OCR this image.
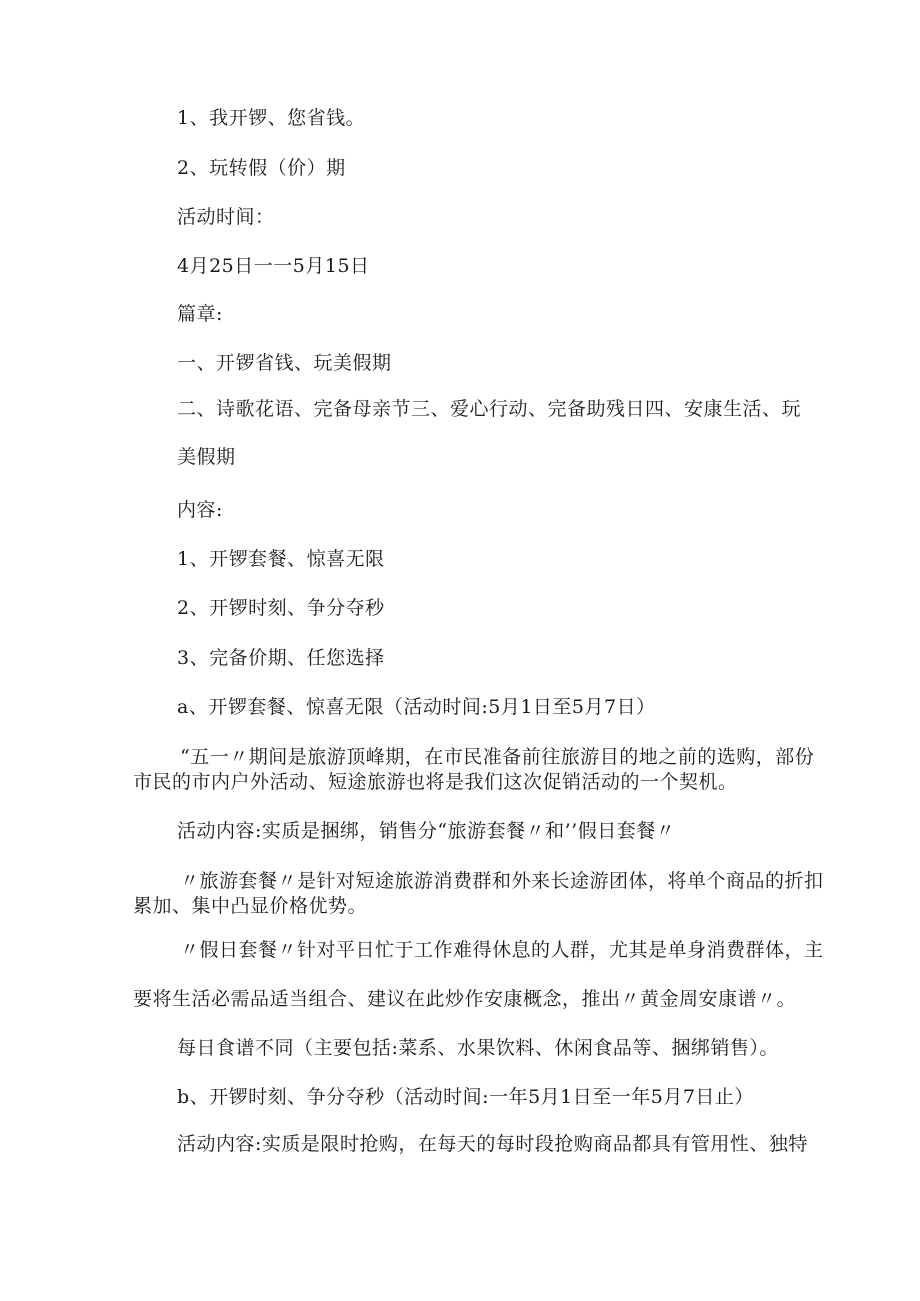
1、我开锣、您省钱。
2、玩转假（价）期
活动时间：
4月25日一一5月15日
篇章:
一、开锣省钱、玩美假期
二、诗歌花语、完备母亲节三、爱心行动、完备助残日四、安康生活、玩
美假期
内容:
1、开锣套餐、惊喜无限
2、开锣时刻、争分夺秒
3、完备价期、任您选择
a、开锣套餐、惊喜无限（活动时间:5月1日至5月7日）
“五一〃期间是旅游顶峰期，在市民准备前往旅游目的地之前的选购，部份
市民的市内户外活动、短途旅游也将是我们这次促销活动的一个契机。
活动内容:实质是捆绑，销售分“旅游套餐〃和’’假日套餐〃
〃旅游套餐〃是针对短途旅游消费群和外来长途游团体，将单个商品的折扣
累加、集中凸显价格优势。
〃假日套餐〃针对平日忙于工作难得休息的人群，尤其是单身消费群体，主
要将生活必需品适当组合、建议在此炒作安康概念，推出〃黄金周安康谱〃。
每日食谱不同（主要包括:菜系、水果饮料、休闲食品等、捆绑销售）。
b、开锣时刻、争分夺秒（活动时间:一年5月1日至一年5月7日止）
活动内容:实质是限时抢购，在每天的每时段抢购商品都具有管用性、独特
